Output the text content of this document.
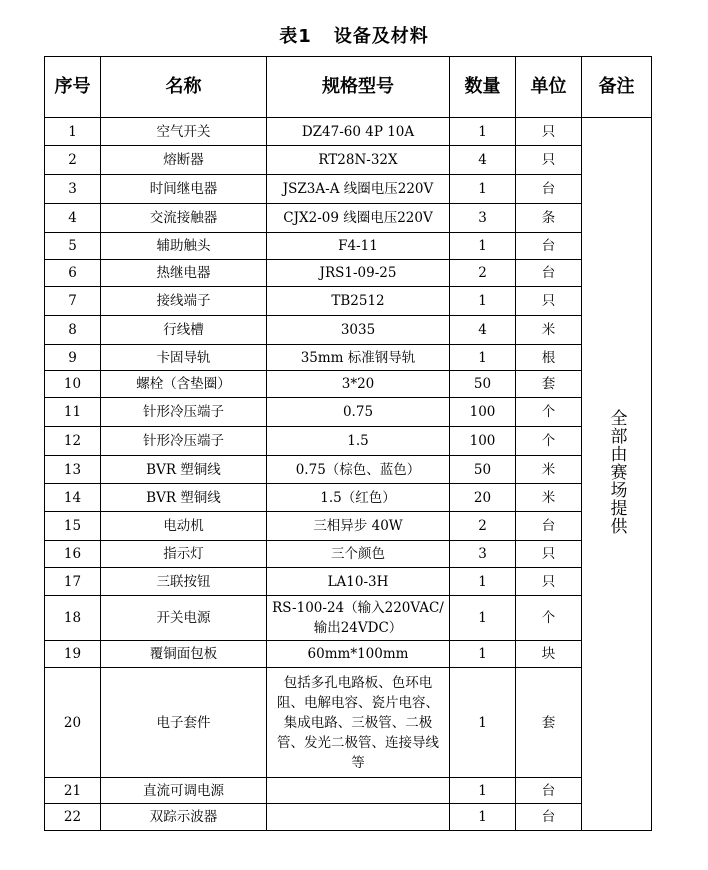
表1 设备及材料
序号	名称	规格型号	数量	单位	备注
1	空气开关	DZ47-60 4P 10A	1	只	全部由赛场提供
2	熔断器	RT28N-32X	4	只	
3	时间继电器	JSZ3A-A 线圈电压220V	1	台	
4	交流接触器	CJX2-09 线圈电压220V	3	条	
5	辅助触头	F4-11	1	台	
6	热继电器	JRS1-09-25	2	台	
7	接线端子	TB2512	1	只	
8	行线槽	3035	4	米	
9	卡固导轨	35mm 标准钢导轨	1	根	
10	螺栓（含垫圈）	3*20	50	套	
11	针形冷压端子	0.75	100	个	
12	针形冷压端子	1.5	100	个	
13	BVR 塑铜线	0.75（棕色、蓝色）	50	米	
14	BVR 塑铜线	1.5（红色）	20	米	
15	电动机	三相异步 40W	2	台	
16	指示灯	三个颜色	3	只	
17	三联按钮	LA10-3H	1	只	
18	开关电源	RS-100-24（输入220VAC/输出24VDC）	1	个	
19	覆铜面包板	60mm*100mm	1	块	
20	电子套件	包括多孔电路板、色环电阻、电解电容、瓷片电容、集成电路、三极管、二极管、发光二极管、连接导线等	1	套	
21	直流可调电源		1	台	
22	双踪示波器		1	台	
